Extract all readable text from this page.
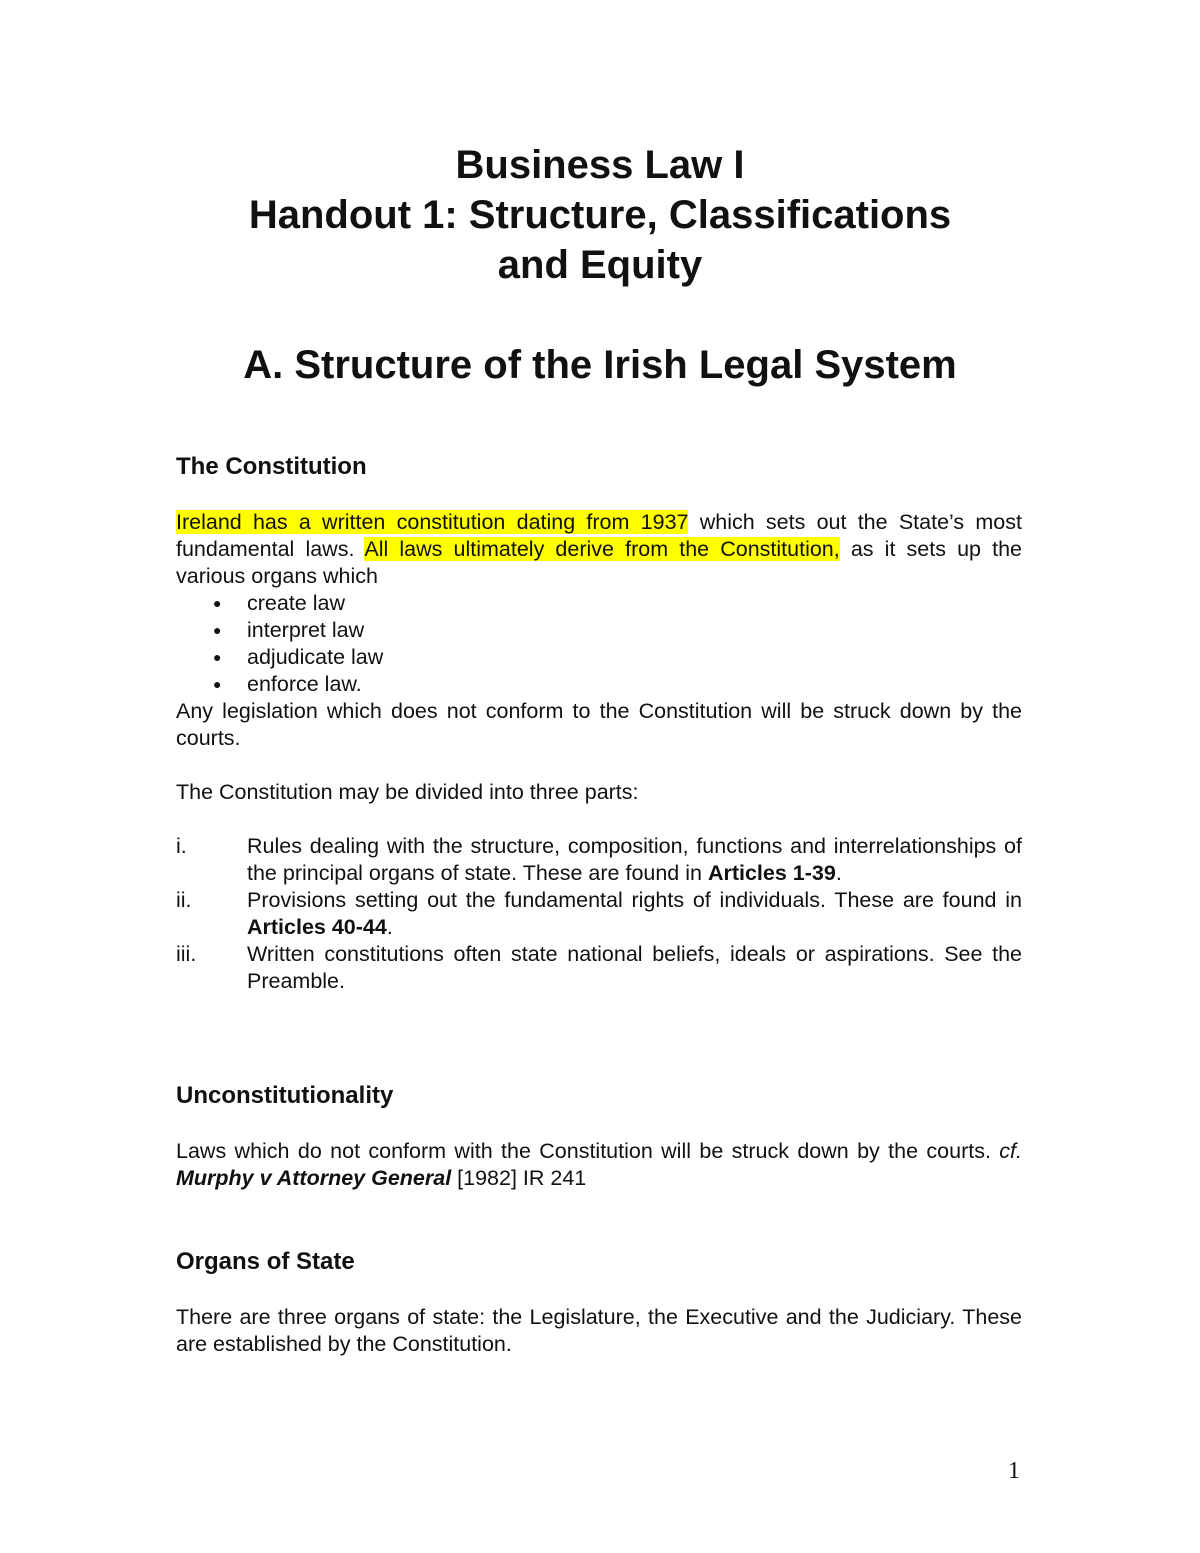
Business Law I
Handout 1: Structure, Classifications
and Equity
A. Structure of the Irish Legal System
The Constitution

Ireland has a written constitution dating from 1937 which sets out the State’s most fundamental laws. All laws ultimately derive from the Constitution, as it sets up the various organs which

● create law
● interpret law
● adjudicate law
● enforce law.

Any legislation which does not conform to the Constitution will be struck down by the courts.

The Constitution may be divided into three parts:

i.	Rules dealing with the structure, composition, functions and interrelationships of the principal organs of state. These are found in Articles 1-39.
ii.	Provisions setting out the fundamental rights of individuals. These are found in Articles 40-44.
iii.	Written constitutions often state national beliefs, ideals or aspirations. See the Preamble.
Unconstitutionality

Laws which do not conform with the Constitution will be struck down by the courts. cf. Murphy v Attorney General [1982] IR 241

Organs of State

There are three organs of state: the Legislature, the Executive and the Judiciary. These are established by the Constitution.

1
